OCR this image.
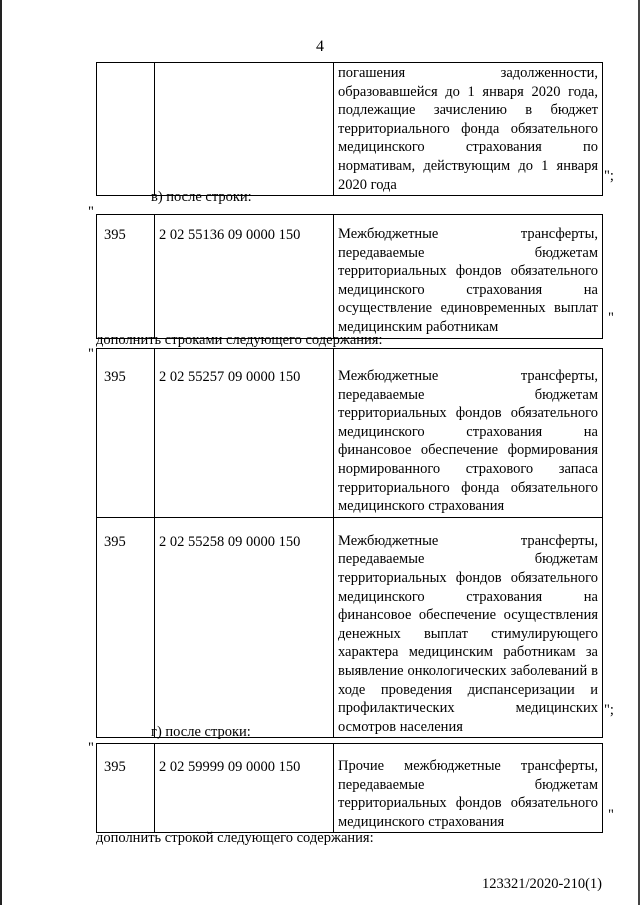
4
		погашения задолженности, образовавшейся до 1 января 2020 года, подлежащие зачислению в бюджет территориального фонда обязательного медицинского страхования по нормативам, действующим до 1 января 2020 года
";
в) после строки:
"
395	2 02 55136 09 0000 150	Межбюджетные трансферты, передаваемые бюджетам территориальных фондов обязательного медицинского страхования на осуществление единовременных выплат медицинским работникам
"
дополнить строками следующего содержания:
"
395	2 02 55257 09 0000 150	Межбюджетные трансферты, передаваемые бюджетам территориальных фондов обязательного медицинского страхования на финансовое обеспечение формирования нормированного страхового запаса территориального фонда обязательного медицинского страхования
395	2 02 55258 09 0000 150	Межбюджетные трансферты, передаваемые бюджетам территориальных фондов обязательного медицинского страхования на финансовое обеспечение осуществления денежных выплат стимулирующего характера медицинским работникам за выявление онкологических заболеваний в ходе проведения диспансеризации и профилактических медицинских осмотров населения
";
г) после строки:
"
395	2 02 59999 09 0000 150	Прочие межбюджетные трансферты, передаваемые бюджетам территориальных фондов обязательного медицинского страхования	"
дополнить строкой следующего содержания:
123321/2020-210(1)
